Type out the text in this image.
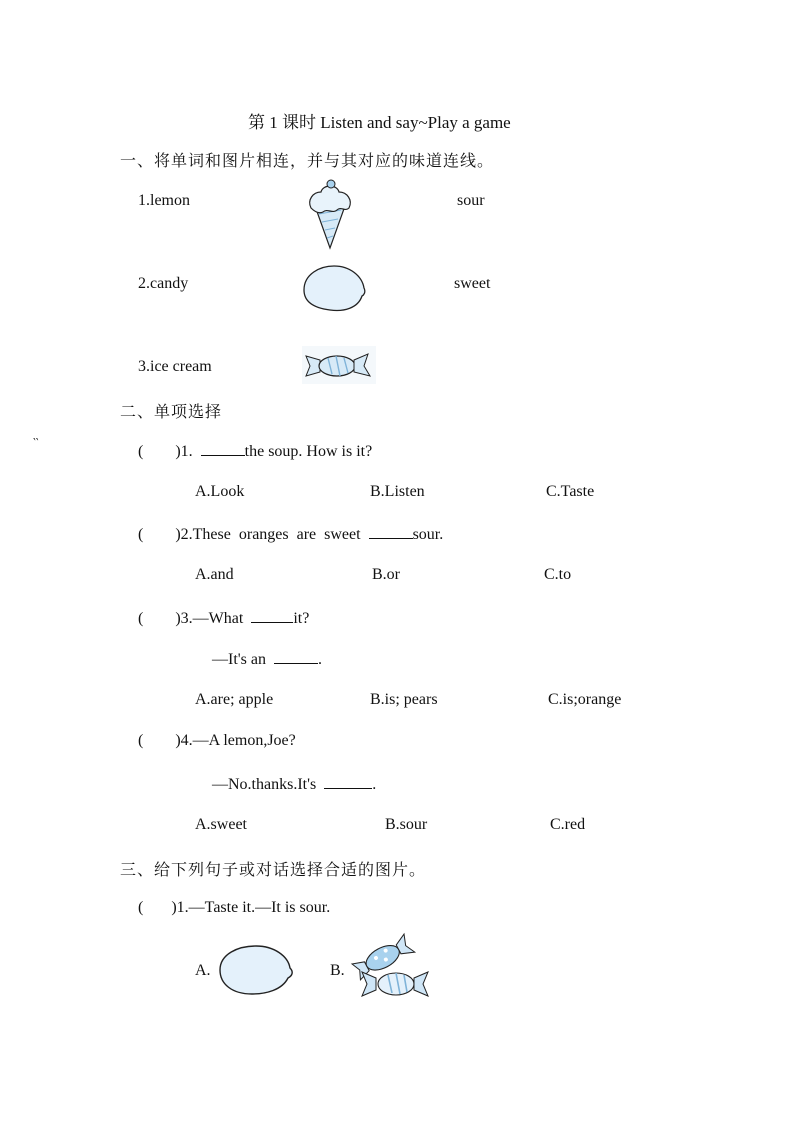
第 1 课时 Listen and say~Play a game
一、将单词和图片相连，并与其对应的味道连线。
1.lemon
2.candy
3.ice cream
sour
sweet
二、单项选择
‵‵	(        )1.	the soup. How is it?
A.Look	B.Listen	C.Taste
(        )2.These  oranges  are  sweet	sour.
A.and	B.or	C.to
(        )3.—What	it?
—It's an	.
A.are; apple	B.is; pears	C.is;orange
(        )4.—A lemon,Joe?
—No.thanks.It's	.
A.sweet	B.sour	C.red
三、给下列句子或对话选择合适的图片。
(       )1.—Taste it.—It is sour.
A.	B.
